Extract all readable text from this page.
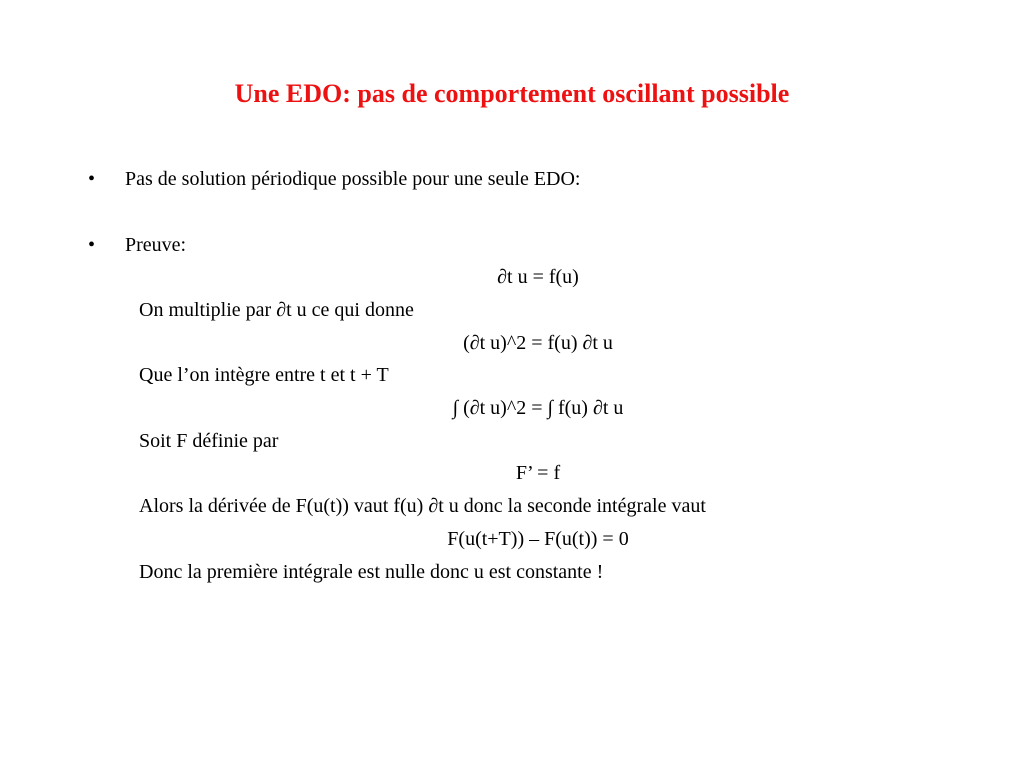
Une EDO: pas de comportement oscillant possible
• Pas de solution périodique possible pour une seule EDO:
• Preuve:
∂t u = f(u)
On multiplie par ∂t u ce qui donne
(∂t u)^2 = f(u) ∂t u
Que l’on intègre entre t et t + T
∫ (∂t u)^2 = ∫ f(u) ∂t u
Soit F définie par
F’ = f
Alors la dérivée de F(u(t)) vaut f(u) ∂t u donc la seconde intégrale vaut
F(u(t+T)) – F(u(t)) = 0
Donc la première intégrale est nulle donc u est constante !
